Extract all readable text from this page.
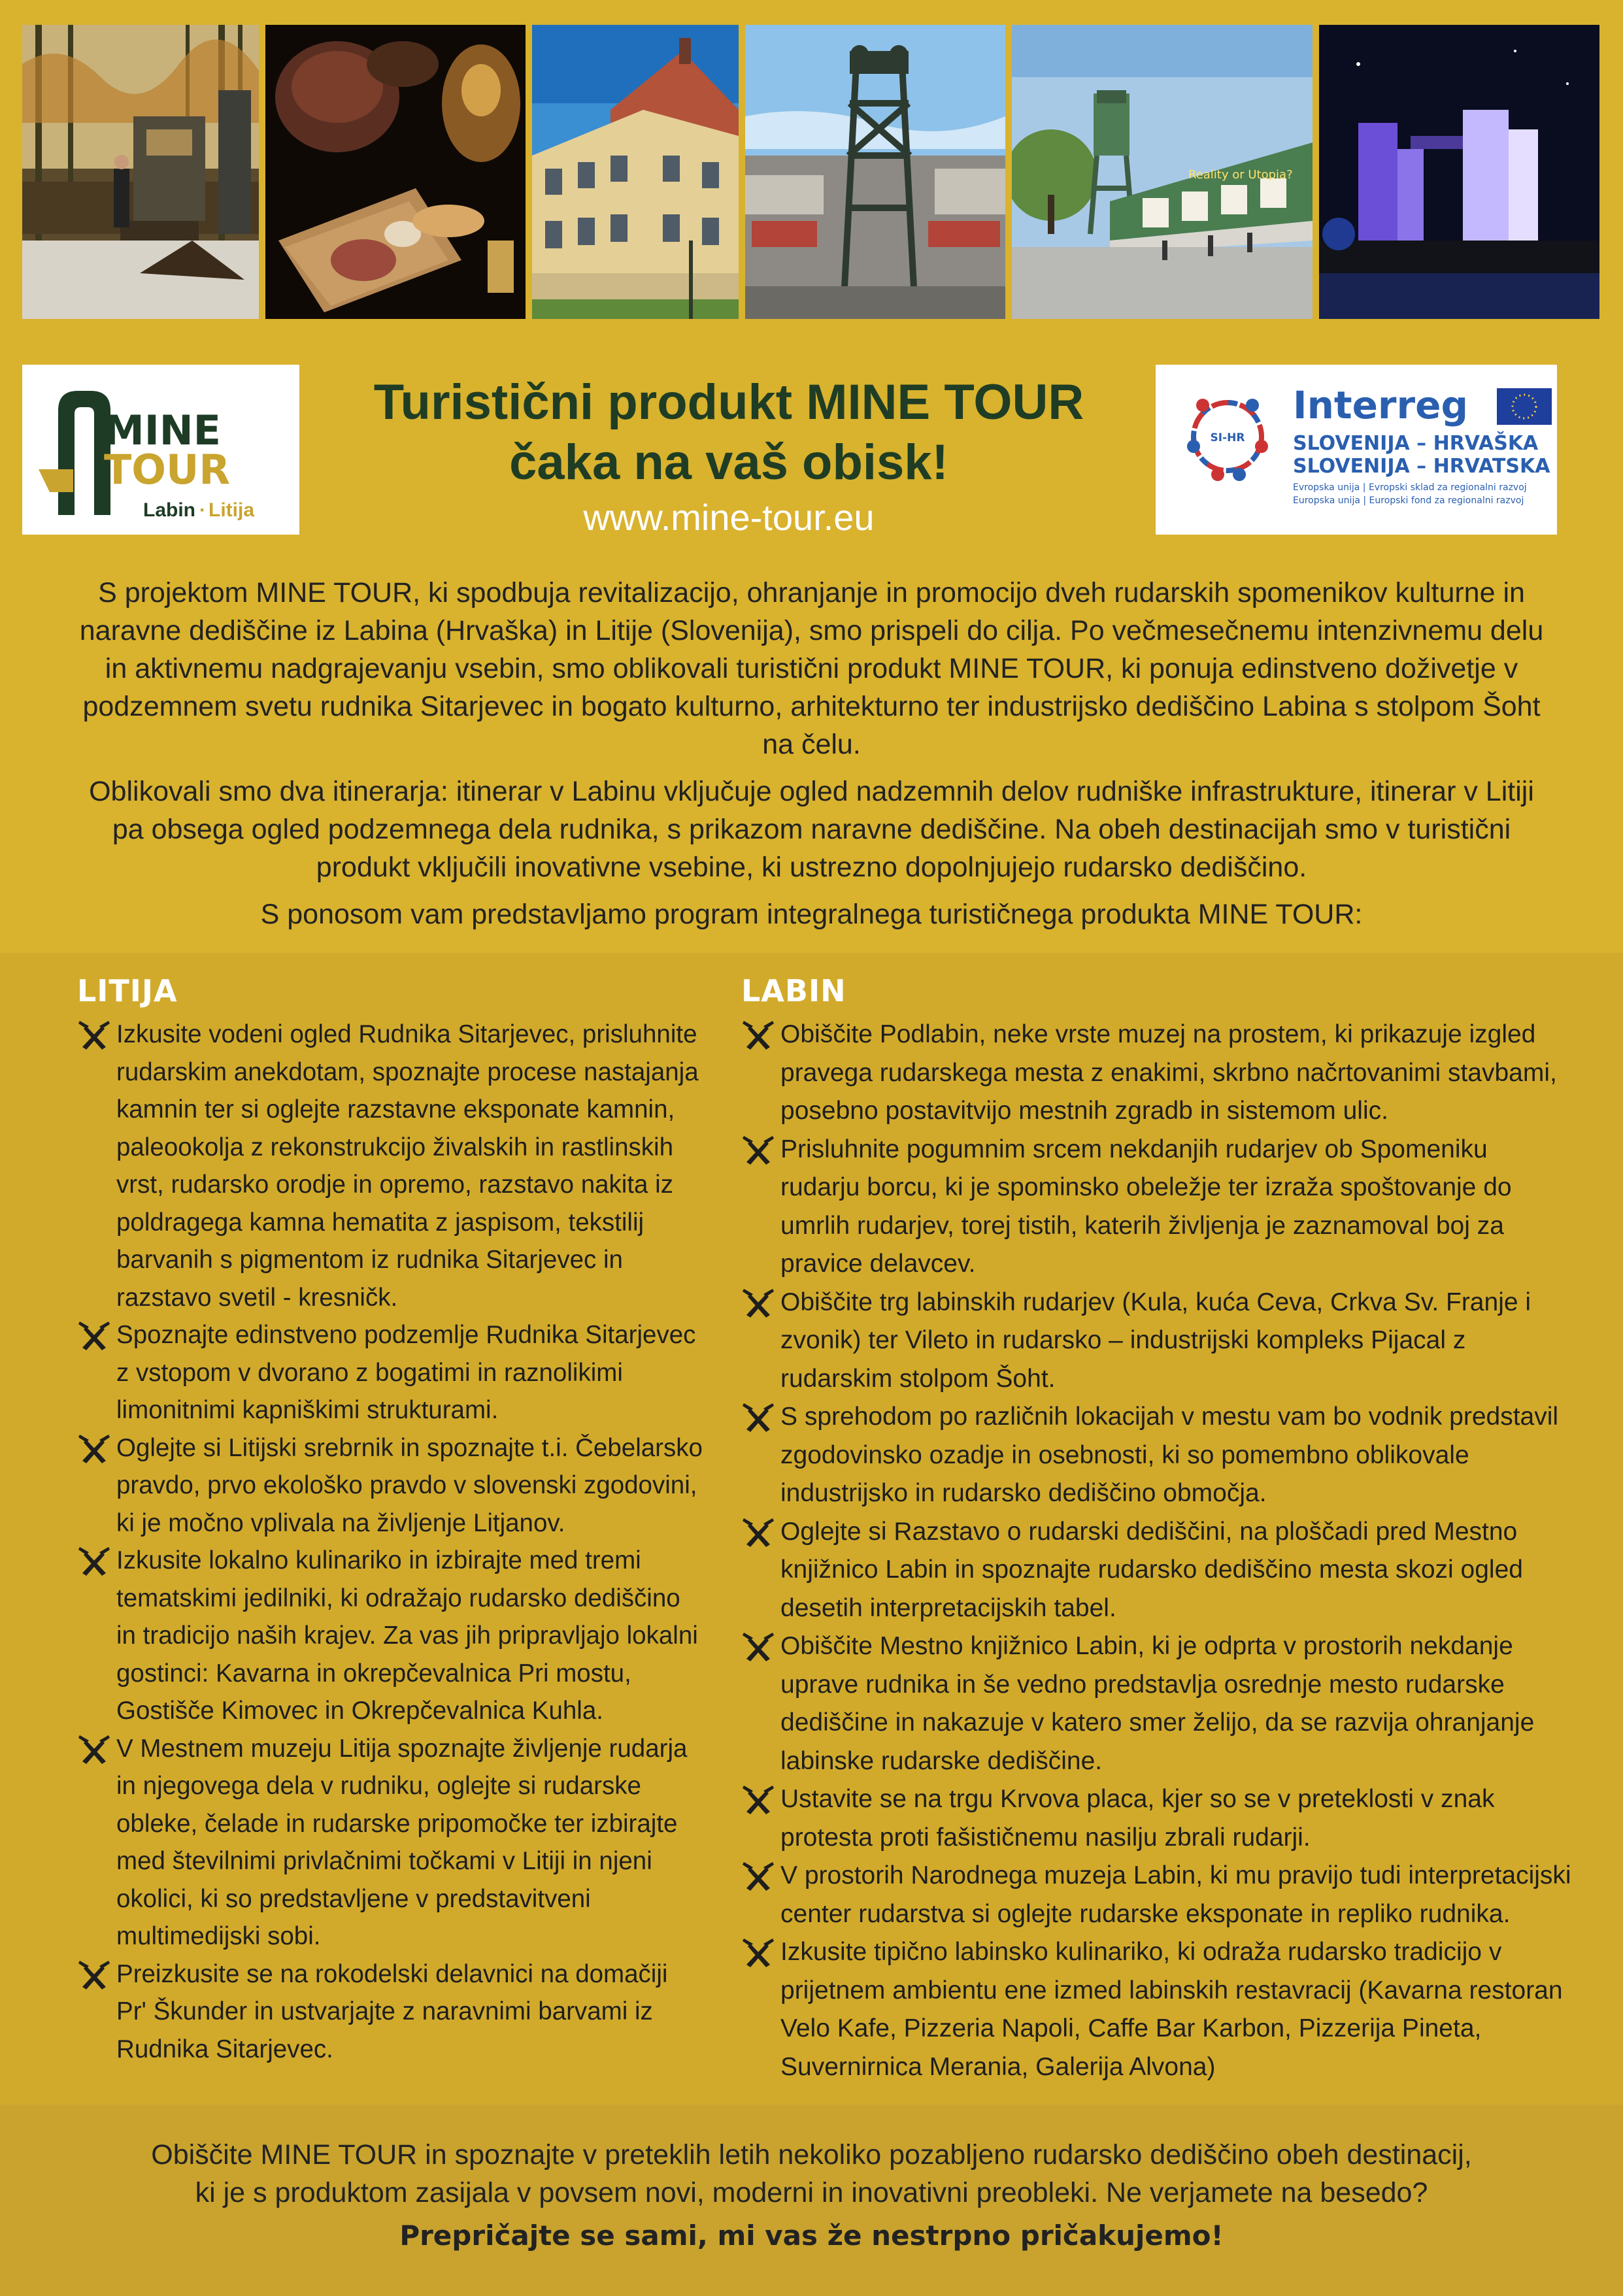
Reality or Utopia?
MINE
TOUR
Labin · Litija
Turistični produkt MINE TOUR
čaka na vaš obisk!
www.mine-tour.eu
SI-HR
Interreg
SLOVENIJA – HRVAŠKA
SLOVENIJA – HRVATSKA
Evropska unija | Evropski sklad za regionalni razvoj
Europska unija | Europski fond za regionalni razvoj

S projektom MINE TOUR, ki spodbuja revitalizacijo, ohranjanje in promocijo dveh rudarskih spomenikov kulturne in naravne dediščine iz Labina (Hrvaška) in Litije (Slovenija), smo prispeli do cilja. Po večmesečnemu intenzivnemu delu in aktivnemu nadgrajevanju vsebin, smo oblikovali turistični produkt MINE TOUR, ki ponuja edinstveno doživetje v podzemnem svetu rudnika Sitarjevec in bogato kulturno, arhitekturno ter industrijsko dediščino Labina s stolpom Šoht na čelu.

Oblikovali smo dva itinerarja: itinerar v Labinu vključuje ogled nadzemnih delov rudniške infrastrukture, itinerar v Litiji pa obsega ogled podzemnega dela rudnika, s prikazom naravne dediščine. Na obeh destinacijah smo v turistični produkt vključili inovativne vsebine, ki ustrezno dopolnjujejo rudarsko dediščino.

S ponosom vam predstavljamo program integralnega turističnega produkta MINE TOUR:

LITIJA
Izkusite vodeni ogled Rudnika Sitarjevec, prisluhnite rudarskim anekdotam, spoznajte procese nastajanja kamnin ter si oglejte razstavne eksponate kamnin, paleookolja z rekonstrukcijo živalskih in rastlinskih vrst, rudarsko orodje in opremo, razstavo nakita iz poldragega kamna hematita z jaspisom, tekstilij barvanih s pigmentom iz rudnika Sitarjevec in razstavo svetil - kresničk.
Spoznajte edinstveno podzemlje Rudnika Sitarjevec z vstopom v dvorano z bogatimi in raznolikimi limonitnimi kapniškimi strukturami.
Oglejte si Litijski srebrnik in spoznajte t.i. Čebelarsko pravdo, prvo ekološko pravdo v slovenski zgodovini, ki je močno vplivala na življenje Litjanov.
Izkusite lokalno kulinariko in izbirajte med tremi tematskimi jedilniki, ki odražajo rudarsko dediščino in tradicijo naših krajev. Za vas jih pripravljajo lokalni gostinci: Kavarna in okrepčevalnica Pri mostu, Gostišče Kimovec in Okrepčevalnica Kuhla.
V Mestnem muzeju Litija spoznajte življenje rudarja in njegovega dela v rudniku, oglejte si rudarske obleke, čelade in rudarske pripomočke ter izbirajte med številnimi privlačnimi točkami v Litiji in njeni okolici, ki so predstavljene v predstavitveni multimedijski sobi.
Preizkusite se na rokodelski delavnici na domačiji Pr' Škunder in ustvarjajte z naravnimi barvami iz Rudnika Sitarjevec.
LABIN
Obiščite Podlabin, neke vrste muzej na prostem, ki prikazuje izgled pravega rudarskega mesta z enakimi, skrbno načrtovanimi stavbami, posebno postavitvijo mestnih zgradb in sistemom ulic.
Prisluhnite pogumnim srcem nekdanjih rudarjev ob Spomeniku rudarju borcu, ki je spominsko obeležje ter izraža spoštovanje do umrlih rudarjev, torej tistih, katerih življenja je zaznamoval boj za pravice delavcev.
Obiščite trg labinskih rudarjev (Kula, kuća Ceva, Crkva Sv. Franje i zvonik) ter Vileto in rudarsko – industrijski kompleks Pijacal z rudarskim stolpom Šoht.
S sprehodom po različnih lokacijah v mestu vam bo vodnik predstavil zgodovinsko ozadje in osebnosti, ki so pomembno oblikovale industrijsko in rudarsko dediščino območja.
Oglejte si Razstavo o rudarski dediščini, na ploščadi pred Mestno knjižnico Labin in spoznajte rudarsko dediščino mesta skozi ogled desetih interpretacijskih tabel.
Obiščite Mestno knjižnico Labin, ki je odprta v prostorih nekdanje uprave rudnika in še vedno predstavlja osrednje mesto rudarske dediščine in nakazuje v katero smer želijo, da se razvija ohranjanje labinske rudarske dediščine.
Ustavite se na trgu Krvova placa, kjer so se v preteklosti v znak protesta proti fašističnemu nasilju zbrali rudarji.
V prostorih Narodnega muzeja Labin, ki mu pravijo tudi interpretacijski center rudarstva si oglejte rudarske eksponate in repliko rudnika.
Izkusite tipično labinsko kulinariko, ki odraža rudarsko tradicijo v prijetnem ambientu ene izmed labinskih restavracij (Kavarna restoran Velo Kafe, Pizzeria Napoli, Caffe Bar Karbon, Pizzerija Pineta, Suvernirnica Merania, Galerija Alvona)

Obiščite MINE TOUR in spoznajte v preteklih letih nekoliko pozabljeno rudarsko dediščino obeh destinacij,

ki je s produktom zasijala v povsem novi, moderni in inovativni preobleki. Ne verjamete na besedo?

Prepričajte se sami, mi vas že nestrpno pričakujemo!
